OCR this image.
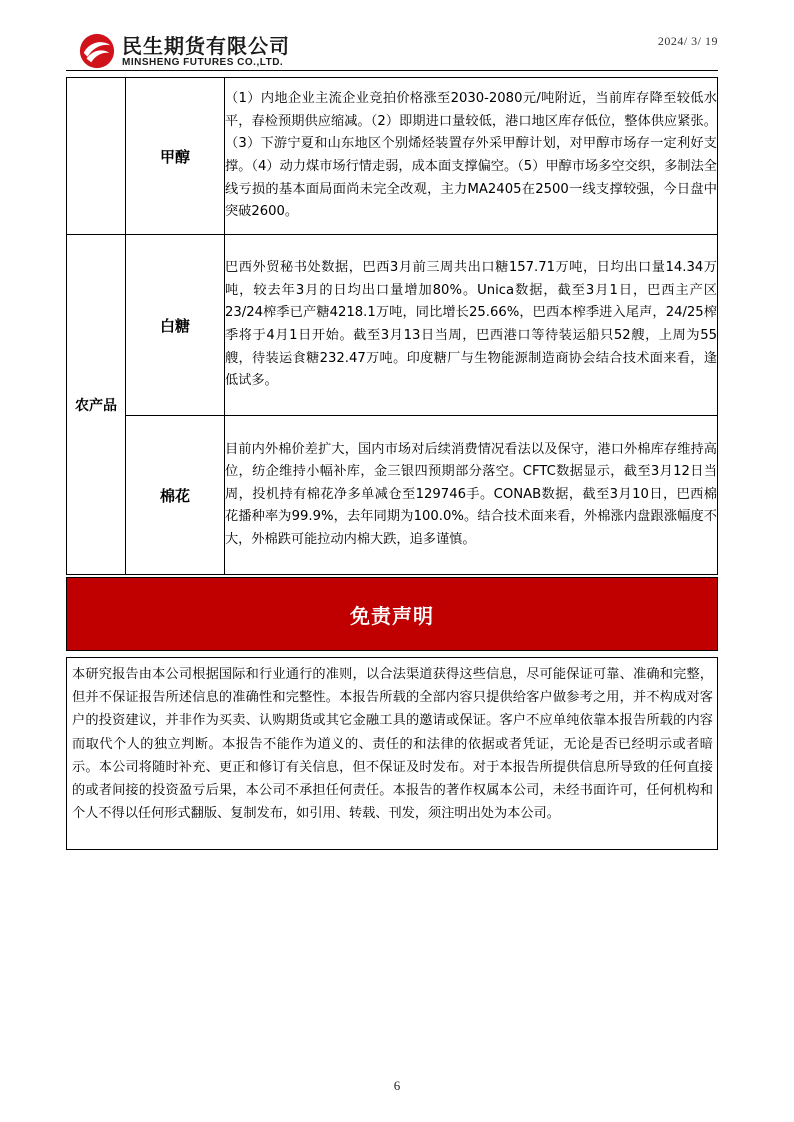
民生期货有限公司
MINSHENG FUTURES CO.,LTD.
2024/ 3/ 19
	甲醇	（1）内地企业主流企业竞拍价格涨至2030-2080元/吨附近，当前库存降至较低水平，春检预期供应缩减。（2）即期进口量较低，港口地区库存低位，整体供应紧张。（3）下游宁夏和山东地区个别烯烃装置存外采甲醇计划，对甲醇市场存一定利好支撑。（4）动力煤市场行情走弱，成本面支撑偏空。（5）甲醇市场多空交织，多制法全线亏损的基本面局面尚未完全改观，主力MA2405在2500一线支撑较强，今日盘中突破2600。
农产品	白糖	巴西外贸秘书处数据，巴西3月前三周共出口糖157.71万吨，日均出口量14.34万吨，较去年3月的日均出口量增加80%。Unica数据，截至3月1日，巴西主产区23/24榨季已产糖4218.1万吨，同比增长25.66%，巴西本榨季进入尾声，24/25榨季将于4月1日开始。截至3月13日当周，巴西港口等待装运船只52艘，上周为55艘，待装运食糖232.47万吨。印度糖厂与生物能源制造商协会结合技术面来看，逢低试多。
	棉花	目前内外棉价差扩大，国内市场对后续消费情况看法以及保守，港口外棉库存维持高位，纺企维持小幅补库，金三银四预期部分落空。CFTC数据显示，截至3月12日当周，投机持有棉花净多单减仓至129746手。CONAB数据，截至3月10日，巴西棉花播种率为99.9%，去年同期为100.0%。结合技术面来看，外棉涨内盘跟涨幅度不大，外棉跌可能拉动内棉大跌，追多谨慎。
免责声明
本研究报告由本公司根据国际和行业通行的准则，以合法渠道获得这些信息，尽可能保证可靠、准确和完整，但并不保证报告所述信息的准确性和完整性。本报告所载的全部内容只提供给客户做参考之用，并不构成对客户的投资建议，并非作为买卖、认购期货或其它金融工具的邀请或保证。客户不应单纯依靠本报告所载的内容而取代个人的独立判断。本报告不能作为道义的、责任的和法律的依据或者凭证，无论是否已经明示或者暗示。本公司将随时补充、更正和修订有关信息，但不保证及时发布。对于本报告所提供信息所导致的任何直接的或者间接的投资盈亏后果，本公司不承担任何责任。本报告的著作权属本公司，未经书面许可，任何机构和个人不得以任何形式翻版、复制发布，如引用、转载、刊发，须注明出处为本公司。
6
